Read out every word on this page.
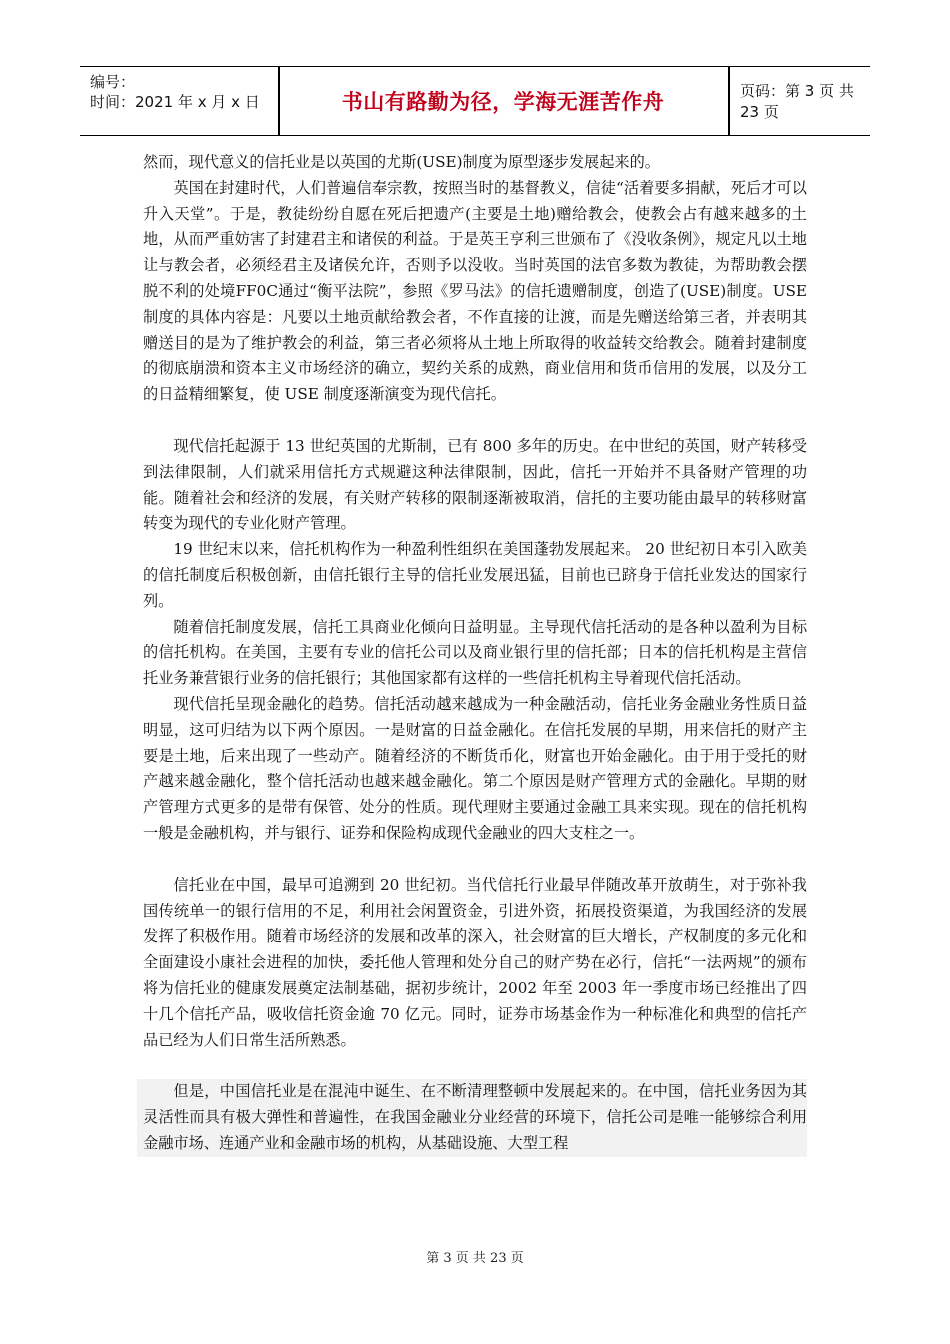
编号：
时间：2021 年 x 月 x 日	书山有路勤为径，学海无涯苦作舟	页码：第 3 页 共 23 页

然而，现代意义的信托业是以英国的尤斯(USE)制度为原型逐步发展起来的。

英国在封建时代，人们普遍信奉宗教，按照当时的基督教义，信徒“活着要多捐献，死后才可以升入天堂”。于是，教徒纷纷自愿在死后把遗产(主要是土地)赠给教会，使教会占有越来越多的土地，从而严重妨害了封建君主和诸侯的利益。于是英王亨利三世颁布了《没收条例》，规定凡以土地让与教会者，必须经君主及诸侯允许，否则予以没收。当时英国的法官多数为教徒，为帮助教会摆脱不利的处境FF0C通过“衡平法院”，参照《罗马法》的信托遗赠制度，创造了(USE)制度。USE 制度的具体内容是：凡要以土地贡献给教会者，不作直接的让渡，而是先赠送给第三者，并表明其赠送目的是为了维护教会的利益，第三者必须将从土地上所取得的收益转交给教会。随着封建制度的彻底崩溃和资本主义市场经济的确立，契约关系的成熟，商业信用和货币信用的发展，以及分工的日益精细繁复，使 USE 制度逐渐演变为现代信托。

现代信托起源于 13 世纪英国的尤斯制，已有 800 多年的历史。在中世纪的英国，财产转移受到法律限制，人们就采用信托方式规避这种法律限制，因此，信托一开始并不具备财产管理的功能。随着社会和经济的发展，有关财产转移的限制逐渐被取消，信托的主要功能由最早的转移财富转变为现代的专业化财产管理。

19 世纪末以来，信托机构作为一种盈利性组织在美国蓬勃发展起来。 20 世纪初日本引入欧美的信托制度后积极创新，由信托银行主导的信托业发展迅猛，目前也已跻身于信托业发达的国家行列。

随着信托制度发展，信托工具商业化倾向日益明显。主导现代信托活动的是各种以盈利为目标的信托机构。在美国，主要有专业的信托公司以及商业银行里的信托部；日本的信托机构是主营信托业务兼营银行业务的信托银行；其他国家都有这样的一些信托机构主导着现代信托活动。

现代信托呈现金融化的趋势。信托活动越来越成为一种金融活动，信托业务金融业务性质日益明显，这可归结为以下两个原因。一是财富的日益金融化。在信托发展的早期，用来信托的财产主要是土地，后来出现了一些动产。随着经济的不断货币化，财富也开始金融化。由于用于受托的财产越来越金融化，整个信托活动也越来越金融化。第二个原因是财产管理方式的金融化。早期的财产管理方式更多的是带有保管、处分的性质。现代理财主要通过金融工具来实现。现在的信托机构一般是金融机构，并与银行、证券和保险构成现代金融业的四大支柱之一。

信托业在中国，最早可追溯到 20 世纪初。当代信托行业最早伴随改革开放萌生，对于弥补我国传统单一的银行信用的不足，利用社会闲置资金，引进外资，拓展投资渠道，为我国经济的发展发挥了积极作用。随着市场经济的发展和改革的深入，社会财富的巨大增长，产权制度的多元化和全面建设小康社会进程的加快，委托他人管理和处分自己的财产势在必行，信托“一法两规”的颁布将为信托业的健康发展奠定法制基础，据初步统计，2002 年至 2003 年一季度市场已经推出了四十几个信托产品，吸收信托资金逾 70 亿元。同时，证券市场基金作为一种标准化和典型的信托产品已经为人们日常生活所熟悉。

但是，中国信托业是在混沌中诞生、在不断清理整顿中发展起来的。在中国，信托业务因为其灵活性而具有极大弹性和普遍性，在我国金融业分业经营的环境下，信托公司是唯一能够综合利用金融市场、连通产业和金融市场的机构，从基础设施、大型工程

第 3 页 共 23 页
